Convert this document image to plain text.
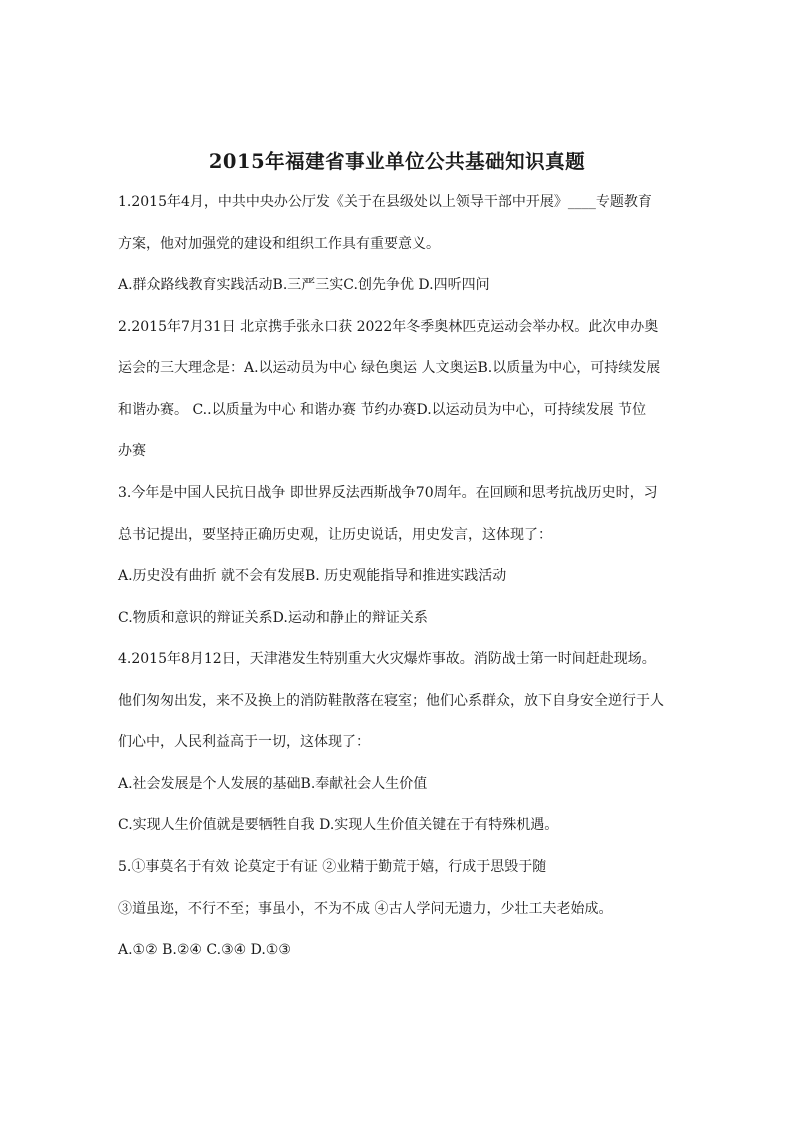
2015年福建省事业单位公共基础知识真题

1.2015年4月，中共中央办公厅发《关于在县级处以上领导干部中开展》____专题教育

方案，他对加强党的建设和组织工作具有重要意义。

A.群众路线教育实践活动B.三严三实C.创先争优 D.四听四问

2.2015年7月31日 北京携手张永口获 2022年冬季奥林匹克运动会举办权。此次申办奥

运会的三大理念是：A.以运动员为中心 绿色奥运 人文奥运B.以质量为中心，可持续发展

和谐办赛。 C..以质量为中心 和谐办赛 节约办赛D.以运动员为中心，可持续发展 节位

办赛

3.今年是中国人民抗日战争 即世界反法西斯战争70周年。在回顾和思考抗战历史时，习

总书记提出，要坚持正确历史观，让历史说话，用史发言，这体现了：

A.历史没有曲折 就不会有发展B. 历史观能指导和推进实践活动

C.物质和意识的辩证关系D.运动和静止的辩证关系

4.2015年8月12日，天津港发生特别重大火灾爆炸事故。消防战士第一时间赶赴现场。

他们匆匆出发，来不及换上的消防鞋散落在寝室；他们心系群众，放下自身安全逆行于人

们心中，人民利益高于一切，这体现了：

A.社会发展是个人发展的基础B.奉献社会人生价值

C.实现人生价值就是要牺牲自我 D.实现人生价值关键在于有特殊机遇。

5.①事莫名于有效 论莫定于有证 ②业精于勤荒于嬉，行成于思毁于随

③道虽迩，不行不至；事虽小，不为不成 ④古人学问无遗力，少壮工夫老始成。

A.①② B.②④ C.③④ D.①③
